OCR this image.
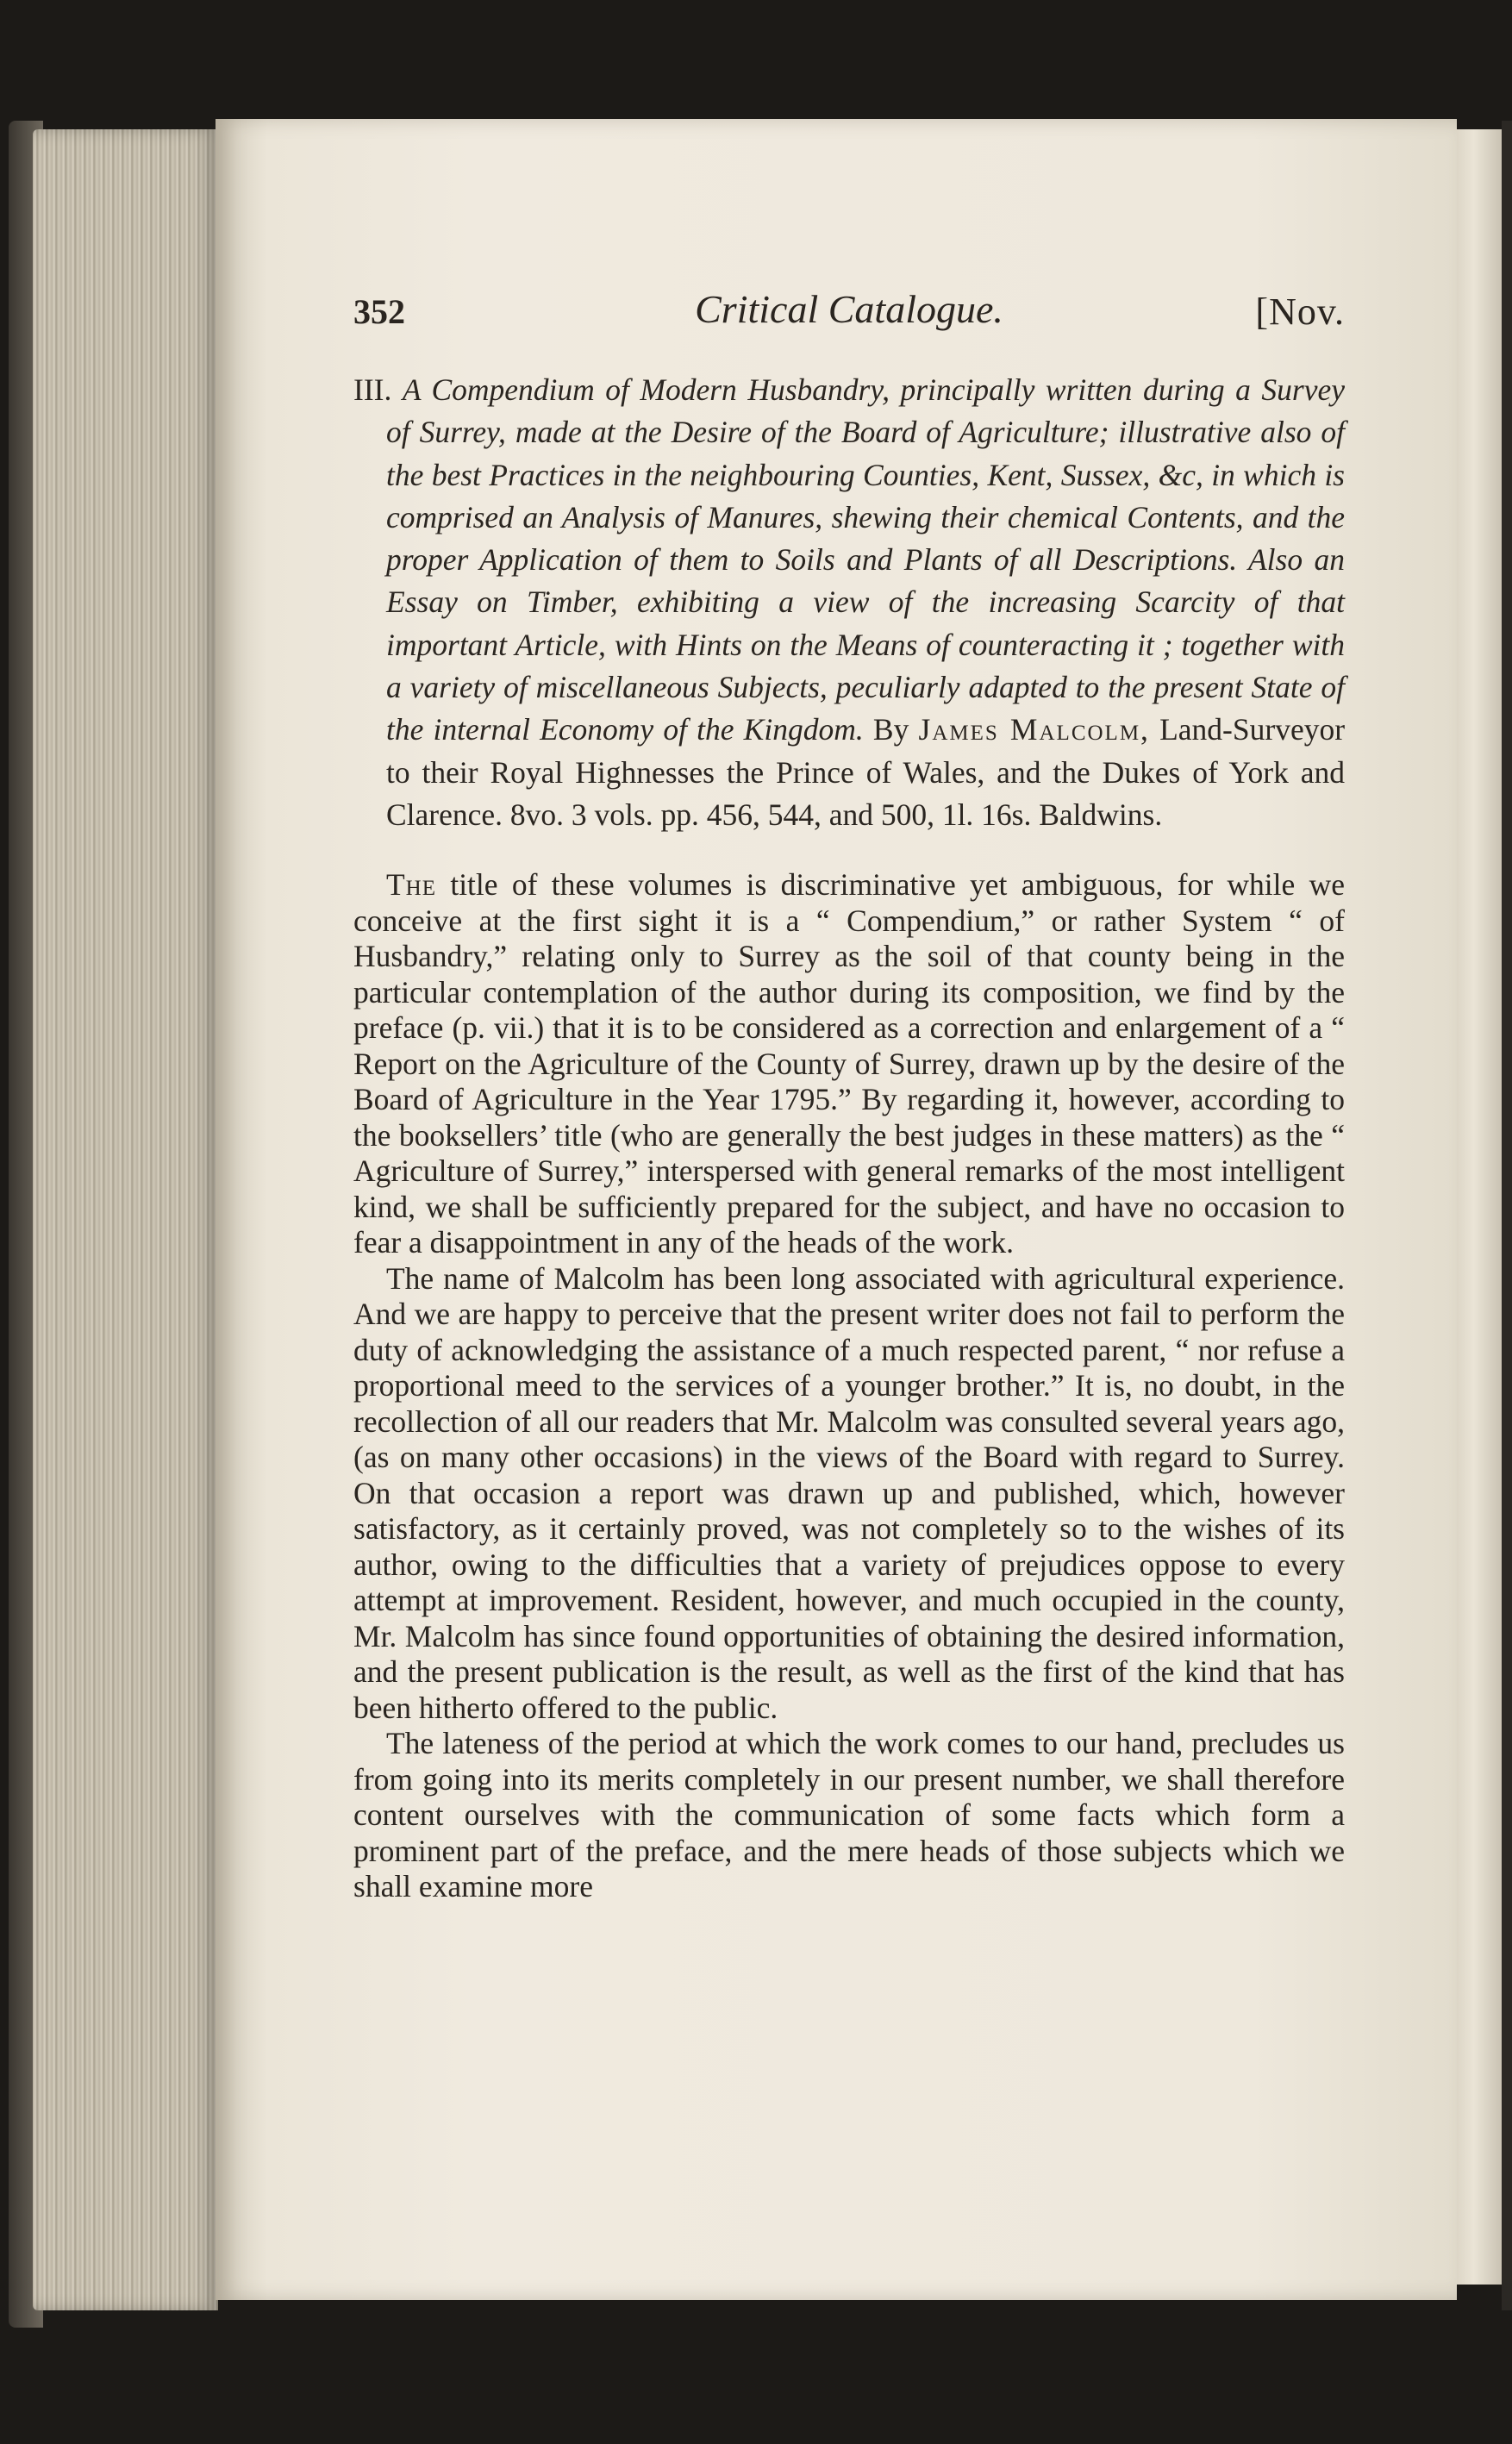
352	Critical Catalogue.	[Nov.
III. A Compendium of Modern Husbandry, principally written during a Survey of Surrey, made at the Desire of the Board of Agriculture; illustrative also of the best Practices in the neighbouring Counties, Kent, Sussex, &c, in which is comprised an Analysis of Manures, shewing their chemical Contents, and the proper Application of them to Soils and Plants of all Descriptions. Also an Essay on Timber, exhibiting a view of the increasing Scarcity of that important Article, with Hints on the Means of counteracting it ; together with a variety of miscellaneous Subjects, peculiarly adapted to the present State of the internal Economy of the Kingdom. By James Malcolm, Land-Surveyor to their Royal Highnesses the Prince of Wales, and the Dukes of York and Clarence. 8vo. 3 vols. pp. 456, 544, and 500, 1l. 16s. Baldwins.

The title of these volumes is discriminative yet ambiguous, for while we conceive at the first sight it is a “ Compendium,” or rather System “ of Husbandry,” relating only to Surrey as the soil of that county being in the particular contemplation of the author during its composition, we find by the preface (p. vii.) that it is to be considered as a correction and enlargement of a “ Report on the Agriculture of the County of Surrey, drawn up by the desire of the Board of Agriculture in the Year 1795.” By regarding it, however, according to the booksellers’ title (who are generally the best judges in these matters) as the “ Agriculture of Surrey,” interspersed with general remarks of the most intelligent kind, we shall be sufficiently prepared for the subject, and have no occasion to fear a disappointment in any of the heads of the work.

The name of Malcolm has been long associated with agricultural experience. And we are happy to perceive that the present writer does not fail to perform the duty of acknowledging the assistance of a much respected parent, “ nor refuse a proportional meed to the services of a younger brother.” It is, no doubt, in the recollection of all our readers that Mr. Malcolm was consulted several years ago, (as on many other occasions) in the views of the Board with regard to Surrey. On that occasion a report was drawn up and published, which, however satisfactory, as it certainly proved, was not completely so to the wishes of its author, owing to the difficulties that a variety of prejudices oppose to every attempt at improvement. Resident, however, and much occupied in the county, Mr. Malcolm has since found opportunities of obtaining the desired information, and the present publication is the result, as well as the first of the kind that has been hitherto offered to the public.

The lateness of the period at which the work comes to our hand, precludes us from going into its merits completely in our present number, we shall therefore content ourselves with the communication of some facts which form a prominent part of the preface, and the mere heads of those subjects which we shall examine more
